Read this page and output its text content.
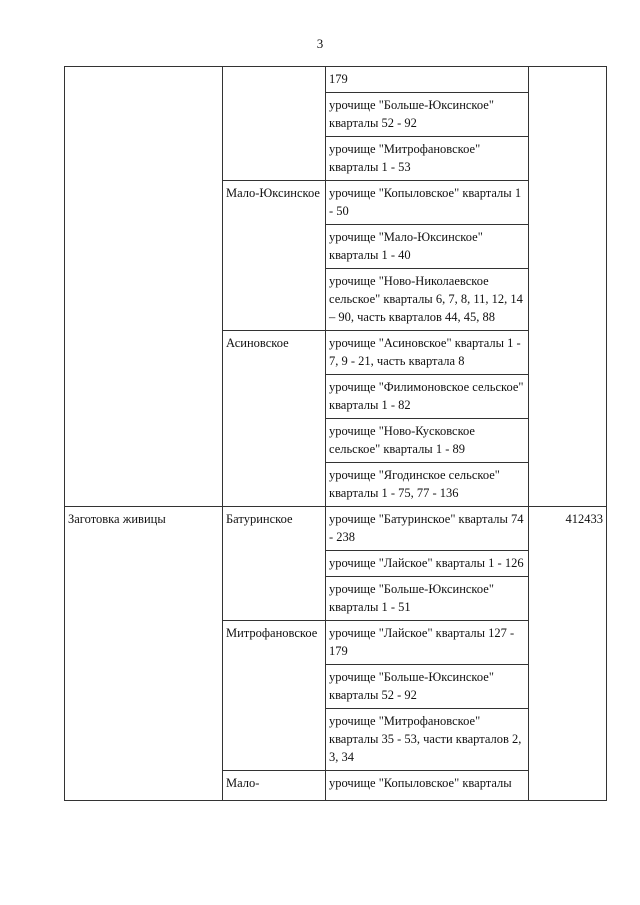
3
		179	
		урочище "Больше-Юксинское" кварталы 52 - 92	
		урочище "Митрофановское" кварталы 1 - 53	
	Мало-Юксинское	урочище "Копыловское" кварталы 1 - 50	
		урочище "Мало-Юксинское" кварталы 1 - 40	
		урочище "Ново-Николаевское сельское" кварталы 6, 7, 8, 11, 12, 14 – 90, часть кварталов 44, 45, 88	
	Асиновское	урочище "Асиновское" кварталы 1 - 7, 9 - 21, часть квартала 8	
		урочище "Филимоновское сельское" кварталы 1 - 82	
		урочище "Ново-Кусковское сельское" кварталы 1 - 89	
		урочище "Ягодинское сельское" кварталы 1 - 75, 77 - 136	
Заготовка живицы	Батуринское	урочище "Батуринское" кварталы 74 - 238	412433
		урочище "Лайское" кварталы 1 - 126	
		урочище "Больше-Юксинское" кварталы 1 - 51	
	Митрофановское	урочище "Лайское" кварталы 127 - 179	
		урочище "Больше-Юксинское" кварталы 52 - 92	
		урочище "Митрофановское" кварталы 35 - 53, части кварталов 2, 3, 34	
	Мало-	урочище "Копыловское" кварталы	
